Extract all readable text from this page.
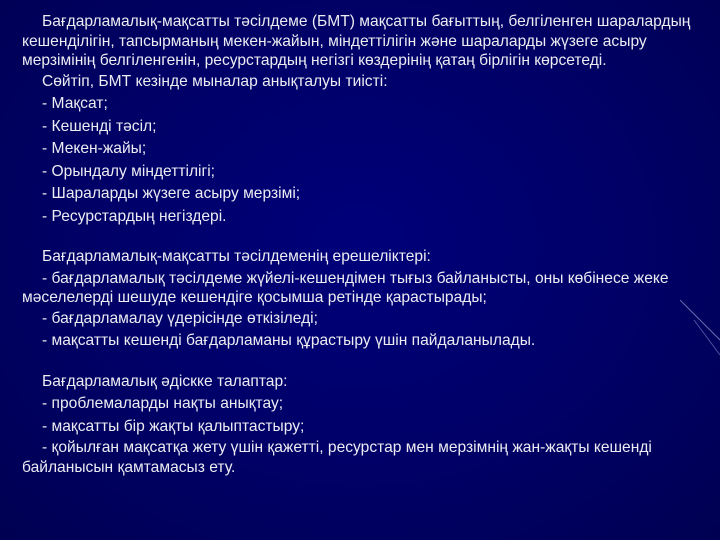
Бағдарламалық-мақсатты тәсілдеме (БМТ) мақсатты бағыттың, белгіленген шаралардың кешенділігін, тапсырманың мекен-жайын, міндеттілігін және шараларды жүзеге асыру мерзімінің белгіленгенін, ресурстардың негізгі көздерінің қатаң бірлігін көрсетеді.

Сөйтіп, БМТ кезінде мыналар анықталуы тиісті:

- Мақсат;

- Кешенді тәсіл;

- Мекен-жайы;

- Орындалу міндеттілігі;

- Шараларды жүзеге асыру мерзімі;

- Ресурстардың негіздері.

Бағдарламалық-мақсатты тәсілдеменің ерешеліктері:

- бағдарламалық тәсілдеме жүйелі-кешендімен тығыз байланысты, оны көбінесе жеке мәселелерді шешуде кешендіге қосымша ретінде қарастырады;

- бағдарламалау үдерісінде өткізіледі;

- мақсатты кешенді бағдарламаны құрастыру үшін пайдаланылады.

Бағдарламалық әдіскке талаптар:

- проблемаларды нақты анықтау;

- мақсатты бір жақты қалыптастыру;

- қойылған мақсатқа жету үшін қажетті, ресурстар мен мерзімнің жан-жақты кешенді байланысын қамтамасыз ету.
